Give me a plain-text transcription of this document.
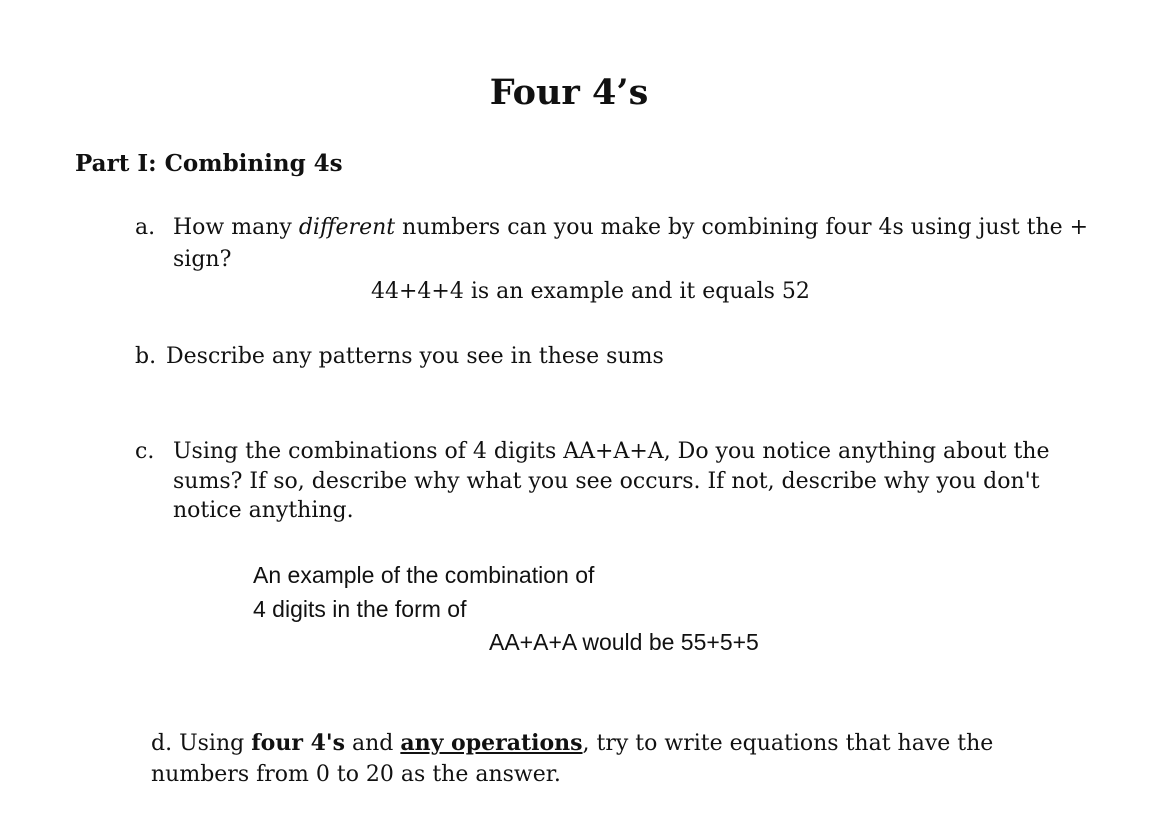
Four 4’s
Part I: Combining 4s
a. How many different numbers can you make by combining four 4s using just the +
sign?
44+4+4 is an example and it equals 52
b. Describe any patterns you see in these sums
c. Using the combinations of 4 digits AA+A+A, Do you notice anything about the
sums? If so, describe why what you see occurs. If not, describe why you don't
notice anything.
An example of the combination of
4 digits in the form of
AA+A+A would be 55+5+5
d. Using four 4's and any operations, try to write equations that have the
numbers from 0 to 20 as the answer.
